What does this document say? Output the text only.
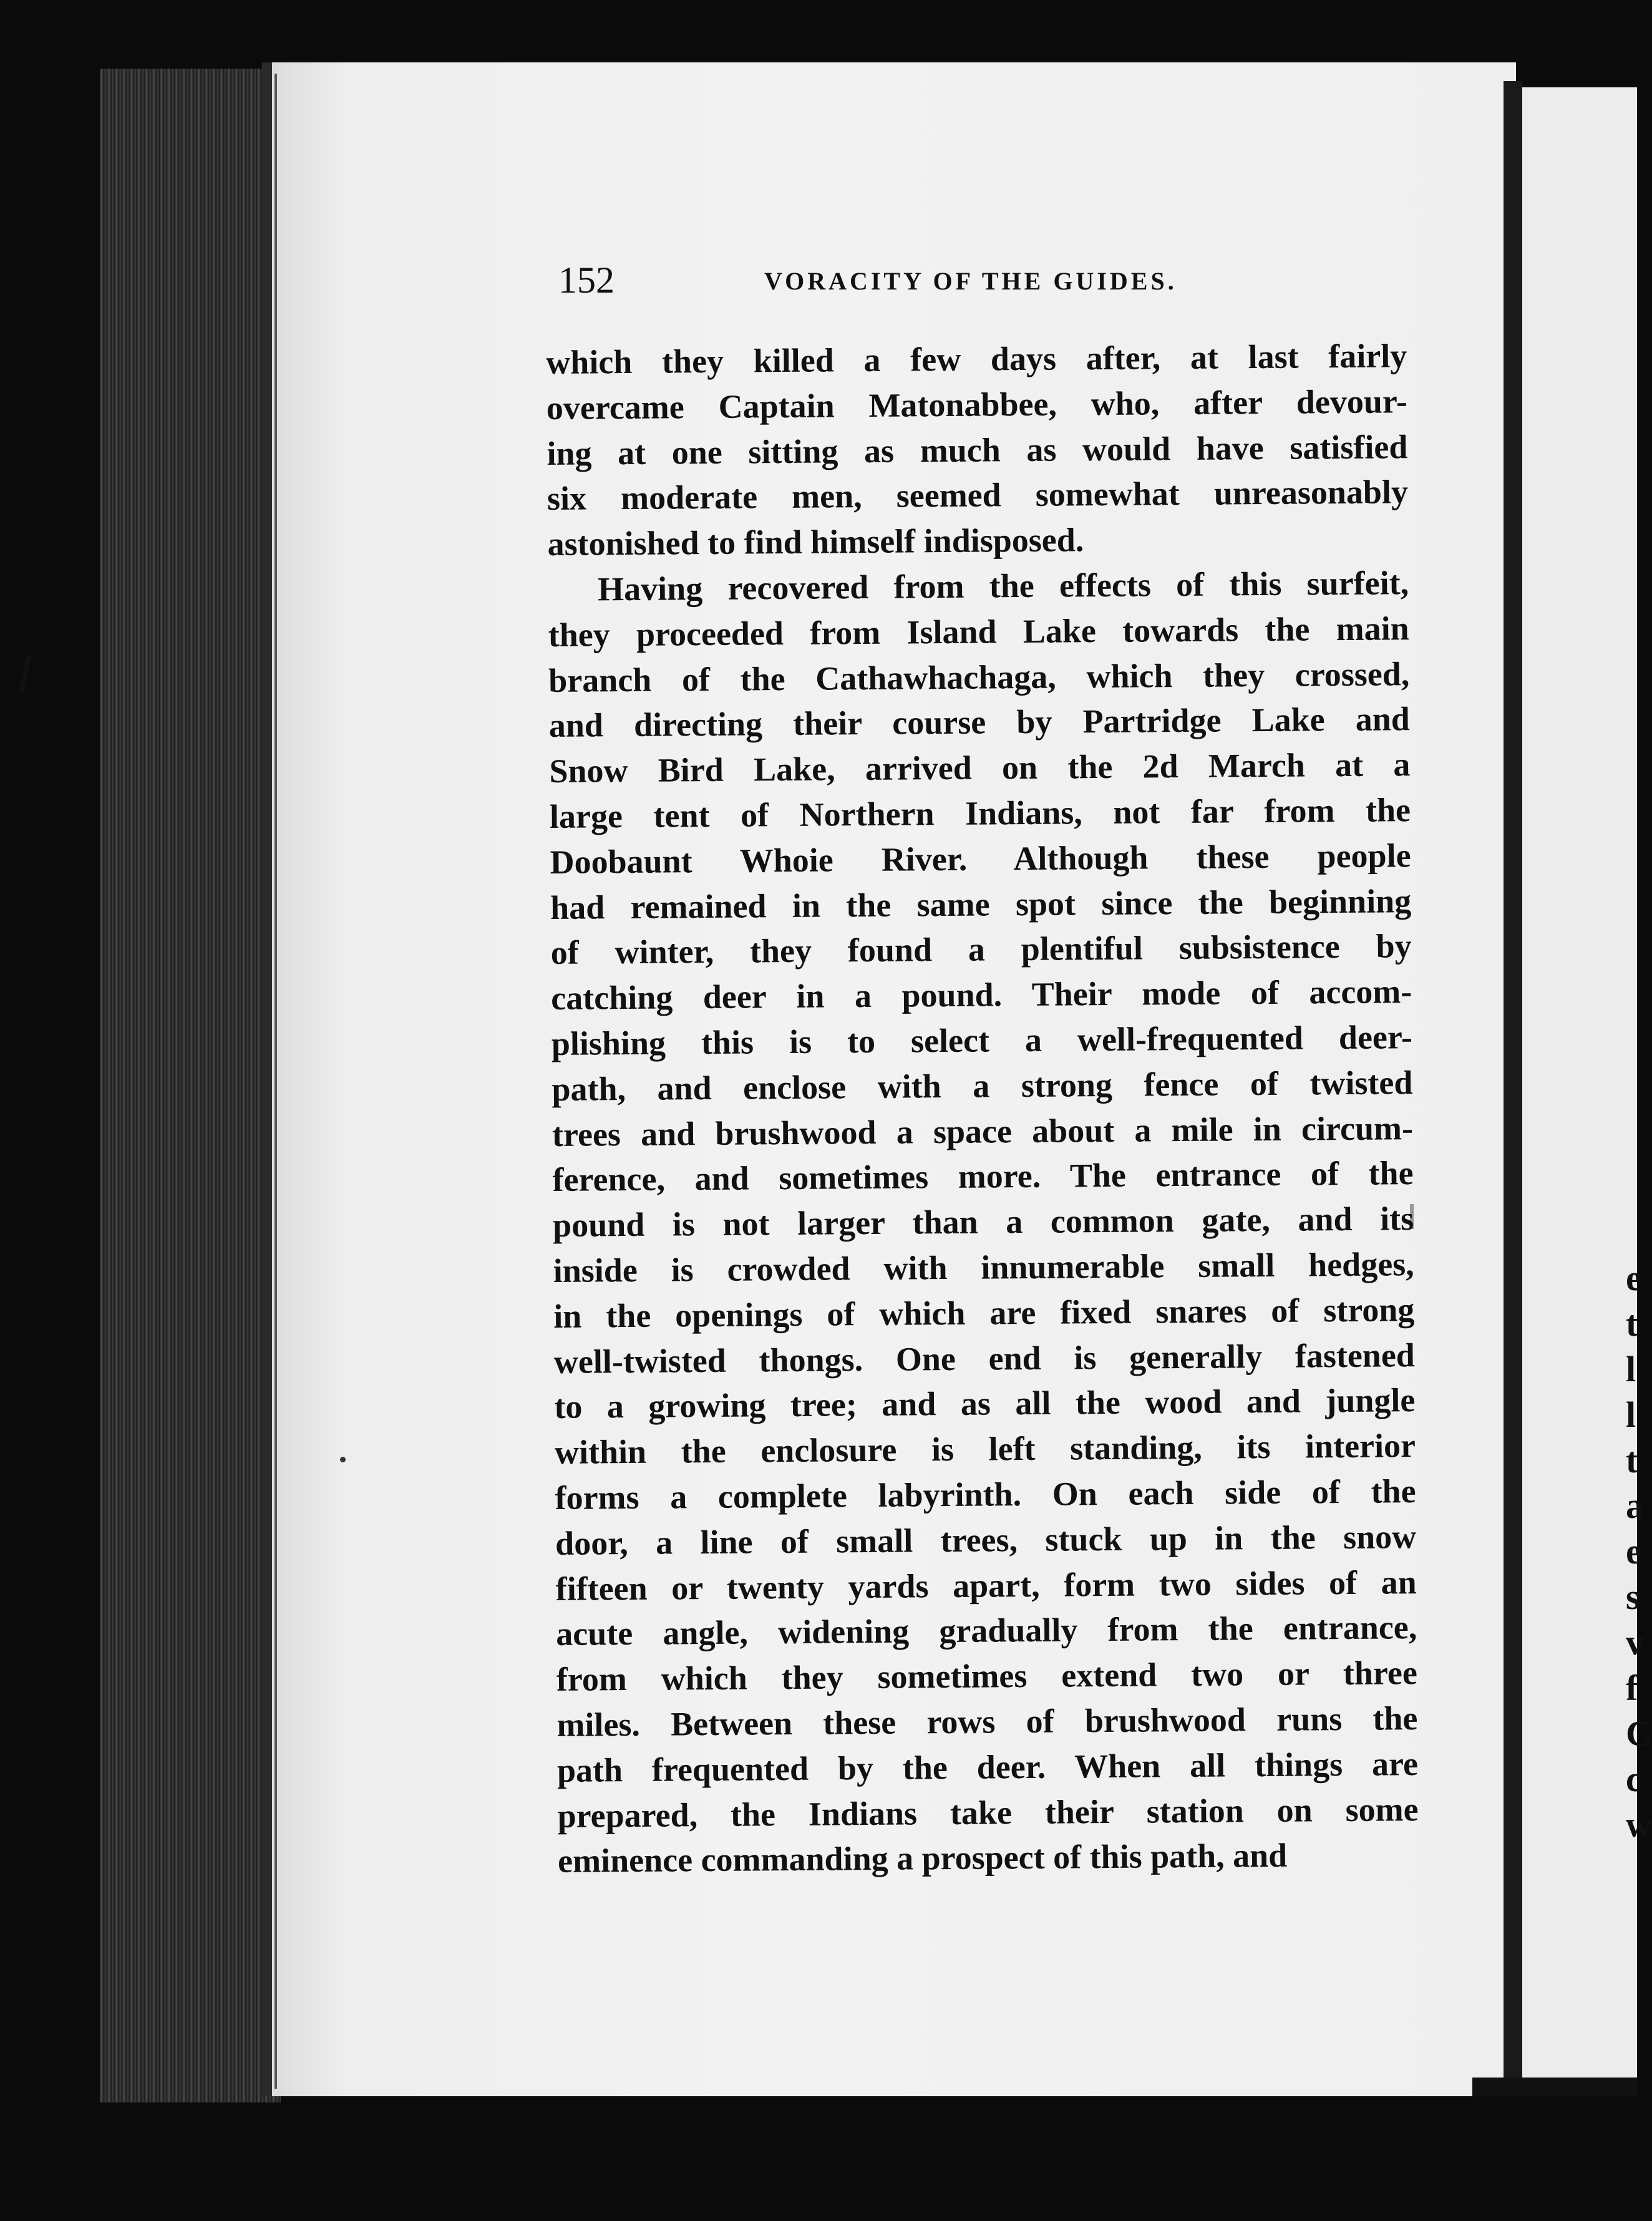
e
t
l
l
t
a
e
s
v
f
C
c
w
152	VORACITY OF THE GUIDES.
which they killed a few days after, at last fairly
overcame Captain Matonabbee, who, after devour-
ing at one sitting as much as would have satisfied
six moderate men, seemed somewhat unreasonably
astonished to find himself indisposed.
Having recovered from the effects of this surfeit,
they proceeded from Island Lake towards the main
branch of the Cathawhachaga, which they crossed,
and directing their course by Partridge Lake and
Snow Bird Lake, arrived on the 2d March at a
large tent of Northern Indians, not far from the
Doobaunt Whoie River. Although these people
had remained in the same spot since the beginning
of winter, they found a plentiful subsistence by
catching deer in a pound. Their mode of accom-
plishing this is to select a well-frequented deer-
path, and enclose with a strong fence of twisted
trees and brushwood a space about a mile in circum-
ference, and sometimes more. The entrance of the
pound is not larger than a common gate, and its
inside is crowded with innumerable small hedges,
in the openings of which are fixed snares of strong
well-twisted thongs. One end is generally fastened
to a growing tree; and as all the wood and jungle
within the enclosure is left standing, its interior
forms a complete labyrinth. On each side of the
door, a line of small trees, stuck up in the snow
fifteen or twenty yards apart, form two sides of an
acute angle, widening gradually from the entrance,
from which they sometimes extend two or three
miles. Between these rows of brushwood runs the
path frequented by the deer. When all things are
prepared, the Indians take their station on some
eminence commanding a prospect of this path, and
